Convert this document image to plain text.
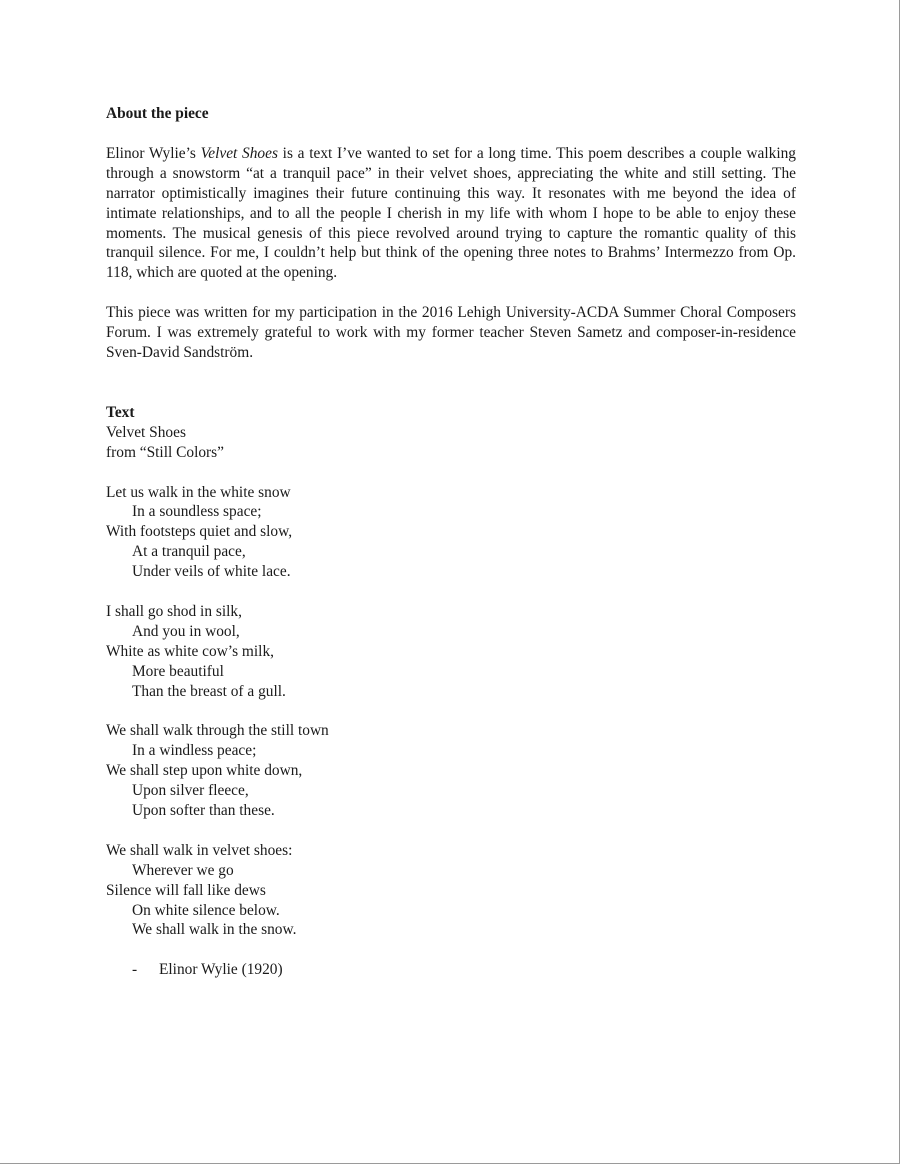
About the piece

Elinor Wylie’s Velvet Shoes is a text I’ve wanted to set for a long time. This poem describes a couple walking through a snowstorm “at a tranquil pace” in their velvet shoes, appreciating the white and still setting. The narrator optimistically imagines their future continuing this way. It resonates with me beyond the idea of intimate relationships, and to all the people I cherish in my life with whom I hope to be able to enjoy these moments. The musical genesis of this piece revolved around trying to capture the romantic quality of this tranquil silence. For me, I couldn’t help but think of the opening three notes to Brahms’ Intermezzo from Op. 118, which are quoted at the opening.

This piece was written for my participation in the 2016 Lehigh University-ACDA Summer Choral Composers Forum. I was extremely grateful to work with my former teacher Steven Sametz and composer-in-residence Sven-David Sandström.

Text
Velvet Shoes
from “Still Colors”
Let us walk in the white snow
In a soundless space;
With footsteps quiet and slow,
At a tranquil pace,
Under veils of white lace.
I shall go shod in silk,
And you in wool,
White as white cow’s milk,
More beautiful
Than the breast of a gull.
We shall walk through the still town
In a windless peace;
We shall step upon white down,
Upon silver fleece,
Upon softer than these.
We shall walk in velvet shoes:
Wherever we go
Silence will fall like dews
On white silence below.
We shall walk in the snow.
- Elinor Wylie (1920)
